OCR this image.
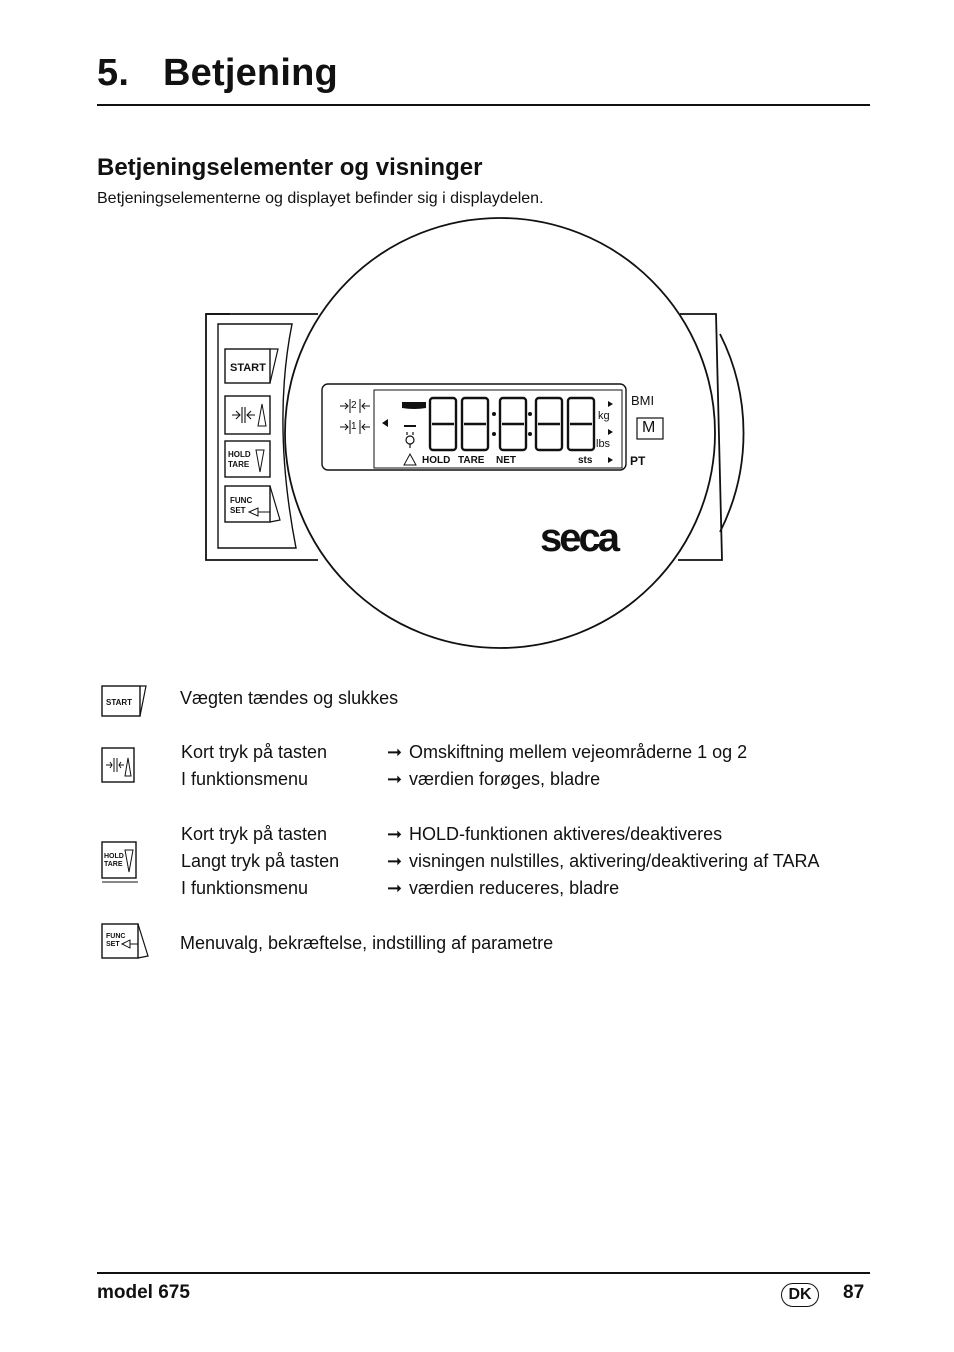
5. Betjening
Betjeningselementer og visninger
Betjeningselementerne og displayet befinder sig i displaydelen.
START
HOLD
TARE
FUNC
SET
2
1
kg
lbs
HOLD TARE NET	sts
BMI
M
PT
seca
START	Vægten tændes og slukkes
Kort tryk på tasten	➞ Omskiftning mellem vejeområderne 1 og 2
I funktionsmenu	➞ værdien forøges, bladre
HOLD
TARE
Kort tryk på tasten	➞ HOLD-funktionen aktiveres/deaktiveres
Langt tryk på tasten	➞ visningen nulstilles, aktivering/deaktivering af TARA
I funktionsmenu	➞ værdien reduceres, bladre
FUNC
SET	Menuvalg, bekræftelse, indstilling af parametre
model 675	DK	87
